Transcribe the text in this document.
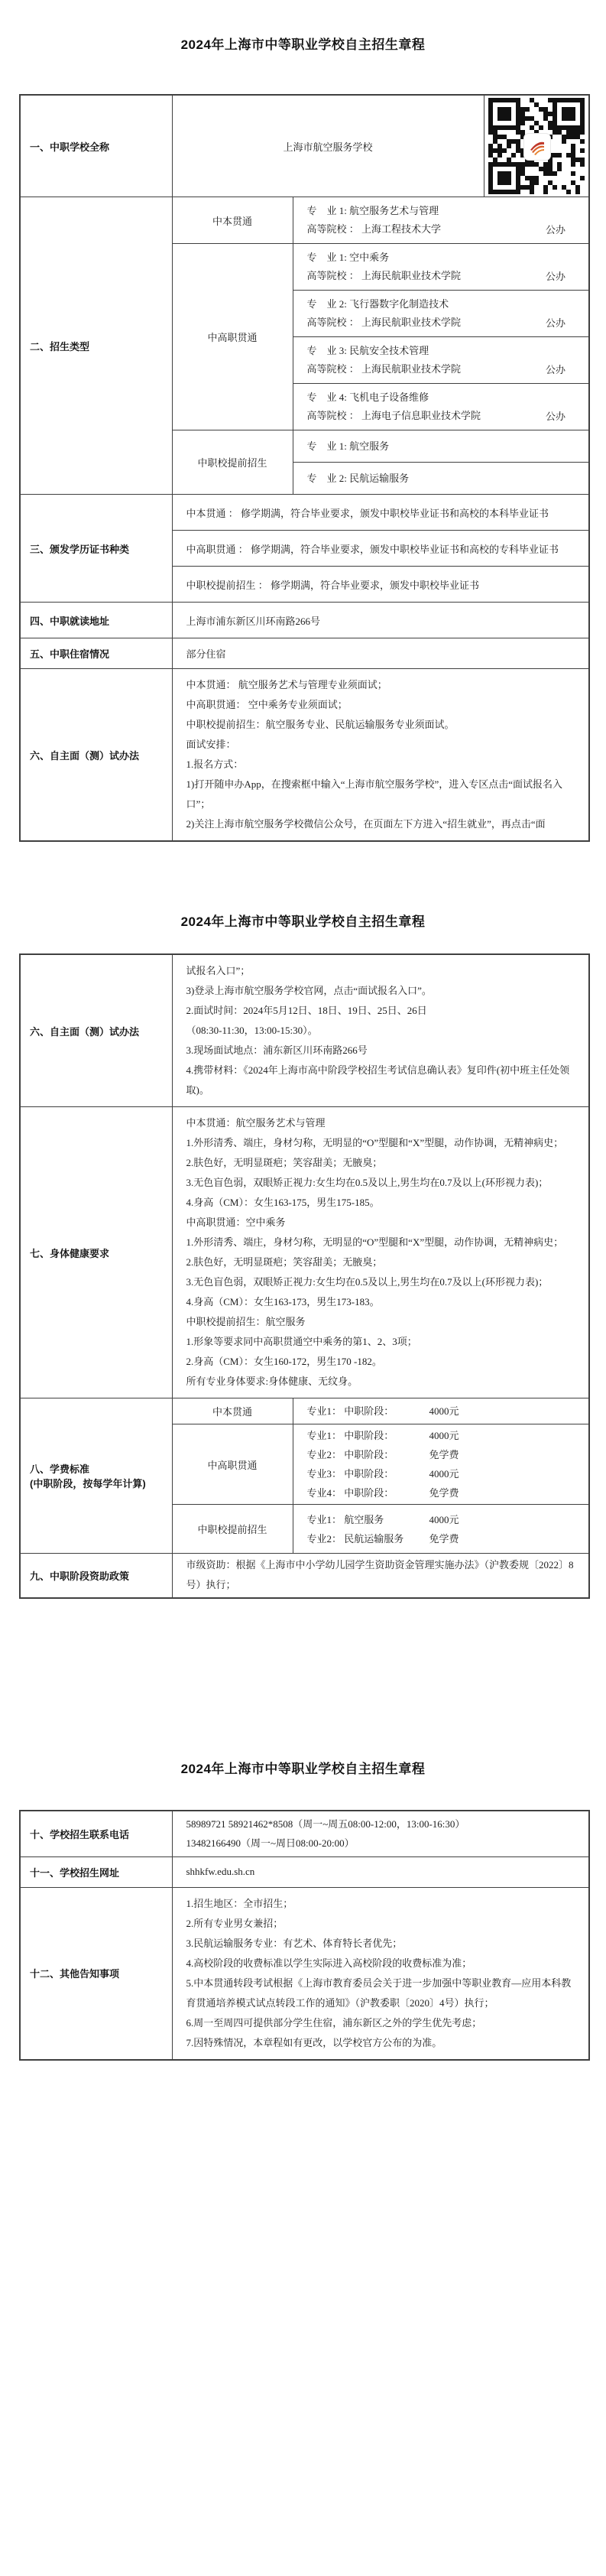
2024年上海市中等职业学校自主招生章程
一、中职学校全称	上海市航空服务学校	

二、招生类型	中本贯通	专　业 1: 航空服务艺术与管理
高等院校 ： 上海工程技术大学 公办	

	中高职贯通	专　业 1: 空中乘务
高等院校 ： 上海民航职业技术学院 公办	

		专　业 2: 飞行器数字化制造技术
高等院校 ： 上海民航职业技术学院 公办	

		专　业 3: 民航安全技术管理
高等院校 ： 上海民航职业技术学院 公办	

		专　业 4: 飞机电子设备维修
高等院校 ： 上海电子信息职业技术学院 公办	

	中职校提前招生	专　业 1: 航空服务	

		专　业 2: 民航运输服务	

三、颁发学历证书种类	中本贯通 ： 修学期满，符合毕业要求，颁发中职校毕业证书和高校的本科毕业证书		
	中高职贯通 ： 修学期满，符合毕业要求，颁发中职校毕业证书和高校的专科毕业证书		
	中职校提前招生 ： 修学期满，符合毕业要求，颁发中职校毕业证书		
四、中职就读地址	上海市浦东新区川环南路266号		
五、中职住宿情况	部分住宿		
六、自主面（测）试办法	
中本贯通： 航空服务艺术与管理专业须面试；
中高职贯通： 空中乘务专业须面试；
中职校提前招生：航空服务专业、民航运输服务专业须面试。
面试安排：
1.报名方式：
1)打开随申办App，在搜索框中输入“上海市航空服务学校”，进入专区点击“面试报名入口”；
2)关注上海市航空服务学校微信公众号，在页面左下方进入“招生就业”，再点击“面
2024年上海市中等职业学校自主招生章程
六、自主面（测）试办法	
试报名入口”；
3)登录上海市航空服务学校官网，点击“面试报名入口”。
2.面试时间：2024年5月12日、18日、19日、25日、26日
（08:30-11:30，13:00-15:30）。
3.现场面试地点：浦东新区川环南路266号
4.携带材料：《2024年上海市高中阶段学校招生考试信息确认表》复印件(初中班主任处领取)。

七、身体健康要求	
中本贯通：航空服务艺术与管理
1.外形清秀、端庄，身材匀称，无明显的“O”型腿和“X”型腿，动作协调，无精神病史；
2.肤色好，无明显斑疤；笑容甜美；无腋臭；
3.无色盲色弱，双眼矫正视力:女生均在0.5及以上,男生均在0.7及以上(环形视力表)；
4.身高（CM）：女生163-175，男生175-185。
中高职贯通：空中乘务
1.外形清秀、端庄，身材匀称，无明显的“O”型腿和“X”型腿，动作协调，无精神病史；
2.肤色好，无明显斑疤；笑容甜美；无腋臭；
3.无色盲色弱，双眼矫正视力:女生均在0.5及以上,男生均在0.7及以上(环形视力表)；
4.身高（CM）：女生163-173，男生173-183。
中职校提前招生：航空服务
1.形象等要求同中高职贯通空中乘务的第1、2、3项；
2.身高（CM）：女生160-172，男生170 -182。
所有专业身体要求:身体健康、无纹身。

八、学费标准
(中职阶段，按每学年计算)
	中本贯通	专业1： 中职阶段：	4000元

中高职贯通	
专业1： 中职阶段：	4000元
专业2： 中职阶段：	免学费
专业3： 中职阶段：	4000元
专业4： 中职阶段：	免学费

	中职校提前招生	专业1： 航空服务 4000元
专业2： 民航运输服务 免学费

九、中职阶段资助政策	市级资助：根据《上海市中小学幼儿园学生资助资金管理实施办法》（沪教委规〔2022〕8号）执行；	
2024年上海市中等职业学校自主招生章程
十、学校招生联系电话	58989721 58921462*8508（周一~周五08:00-12:00，13:00-16:30）
13482166490（周一~周日08:00-20:00）

十一、学校招生网址	shhkfw.edu.sh.cn
十二、其他告知事项	
1.招生地区：全市招生；
2.所有专业男女兼招；
3.民航运输服务专业：有艺术、体育特长者优先；
4.高校阶段的收费标准以学生实际进入高校阶段的收费标准为准；
5.中本贯通转段考试根据《上海市教育委员会关于进一步加强中等职业教育—应用本科教育贯通培养模式试点转段工作的通知》（沪教委职〔2020〕4号）执行；
6.周一至周四可提供部分学生住宿，浦东新区之外的学生优先考虑；
7.因特殊情况，本章程如有更改，以学校官方公布的为准。
